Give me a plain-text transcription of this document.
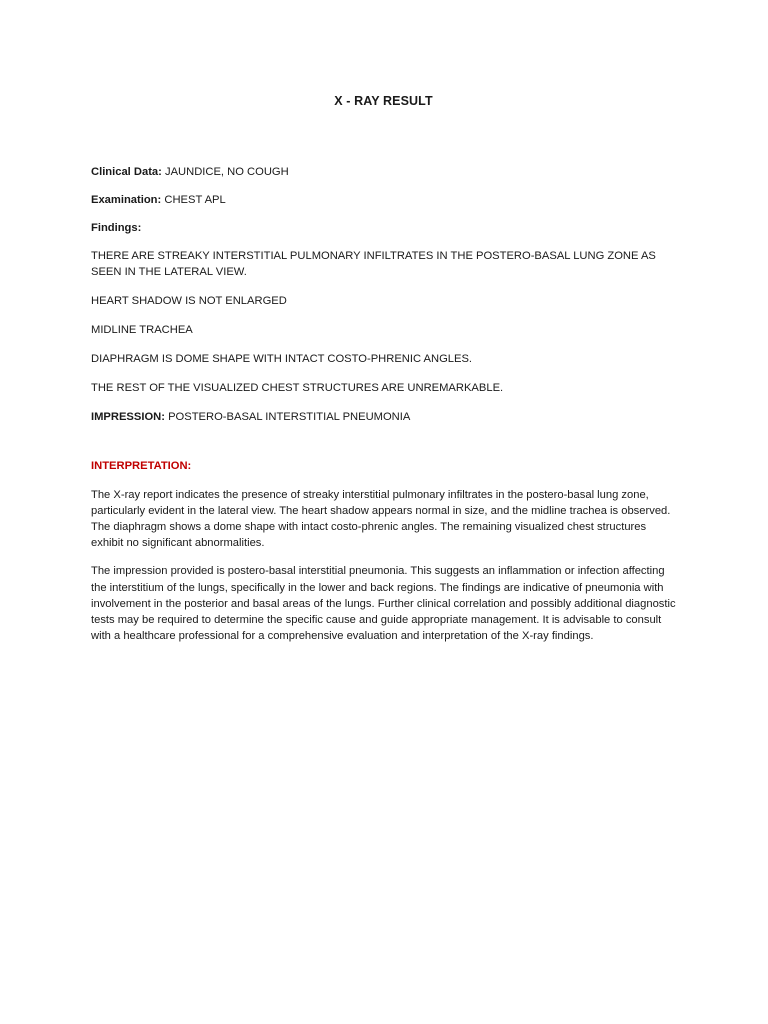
X - RAY RESULT
Clinical Data: JAUNDICE, NO COUGH
Examination: CHEST APL
Findings:
THERE ARE STREAKY INTERSTITIAL PULMONARY INFILTRATES IN THE POSTERO-BASAL LUNG ZONE AS SEEN IN THE LATERAL VIEW.
HEART SHADOW IS NOT ENLARGED
MIDLINE TRACHEA
DIAPHRAGM IS DOME SHAPE WITH INTACT COSTO-PHRENIC ANGLES.
THE REST OF THE VISUALIZED CHEST STRUCTURES ARE UNREMARKABLE.
IMPRESSION: POSTERO-BASAL INTERSTITIAL PNEUMONIA
INTERPRETATION:

The X-ray report indicates the presence of streaky interstitial pulmonary infiltrates in the postero-basal lung zone, particularly evident in the lateral view. The heart shadow appears normal in size, and the midline trachea is observed. The diaphragm shows a dome shape with intact costo-phrenic angles. The remaining visualized chest structures exhibit no significant abnormalities.

The impression provided is postero-basal interstitial pneumonia. This suggests an inflammation or infection affecting the interstitium of the lungs, specifically in the lower and back regions. The findings are indicative of pneumonia with involvement in the posterior and basal areas of the lungs. Further clinical correlation and possibly additional diagnostic tests may be required to determine the specific cause and guide appropriate management. It is advisable to consult with a healthcare professional for a comprehensive evaluation and interpretation of the X-ray findings.
